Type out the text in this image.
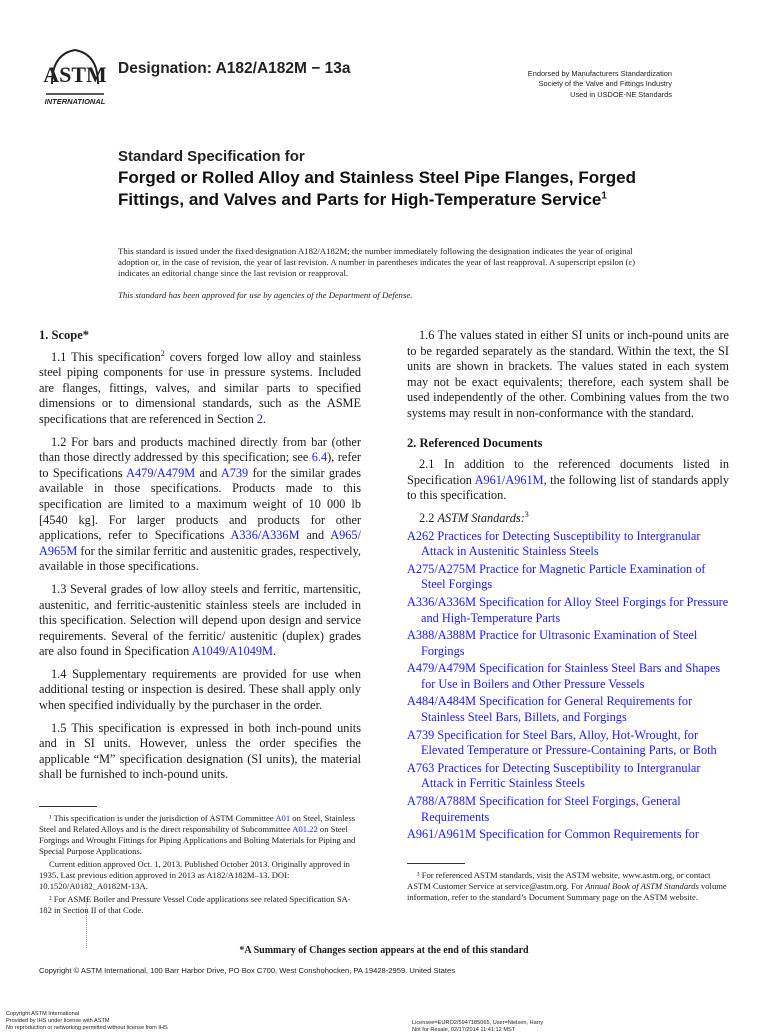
ASTM
INTERNATIONAL
Designation: A182/A182M − 13a	Endorsed by Manufacturers Standardization
Society of the Valve and Fittings Industry
Used in USDOE-NE Standards
Standard Specification for
Forged or Rolled Alloy and Stainless Steel Pipe Flanges, Forged Fittings, and Valves and Parts for High-Temperature Service$^1$
This standard is issued under the fixed designation A182/A182M; the number immediately following the designation indicates the year of original adoption or, in the case of revision, the year of last revision. A number in parentheses indicates the year of last reapproval. A superscript epsilon (ε) indicates an editorial change since the last revision or reapproval.
This standard has been approved for use by agencies of the Department of Defense.
1. Scope*

1.1 This specification$^2$ covers forged low alloy and stainless steel piping components for use in pressure systems. Included are flanges, fittings, valves, and similar parts to specified dimensions or to dimensional standards, such as the ASME specifications that are referenced in Section 2.

1.2 For bars and products machined directly from bar (other than those directly addressed by this specification; see 6.4), refer to Specifications A479/A479M and A739 for the similar grades available in those specifications. Products made to this specification are limited to a maximum weight of 10 000 lb [4540 kg]. For larger products and products for other applications, refer to Specifications A336/A336M and A965/ A965M for the similar ferritic and austenitic grades, respectively, available in those specifications.

1.3 Several grades of low alloy steels and ferritic, martensitic, austenitic, and ferritic-austenitic stainless steels are included in this specification. Selection will depend upon design and service requirements. Several of the ferritic/ austenitic (duplex) grades are also found in Specification A1049/A1049M.

1.4 Supplementary requirements are provided for use when additional testing or inspection is desired. These shall apply only when specified individually by the purchaser in the order.

1.5 This specification is expressed in both inch-pound units and in SI units. However, unless the order specifies the applicable “M” specification designation (SI units), the material shall be furnished to inch-pound units.

1.6 The values stated in either SI units or inch-pound units are to be regarded separately as the standard. Within the text, the SI units are shown in brackets. The values stated in each system may not be exact equivalents; therefore, each system shall be used independently of the other. Combining values from the two systems may result in non-conformance with the standard.

2. Referenced Documents

2.1 In addition to the referenced documents listed in Specification A961/A961M, the following list of standards apply to this specification.

2.2 ASTM Standards:$^3$

A262 Practices for Detecting Susceptibility to Intergranular Attack in Austenitic Stainless Steels
A275/A275M Practice for Magnetic Particle Examination of Steel Forgings
A336/A336M Specification for Alloy Steel Forgings for Pressure and High-Temperature Parts
A388/A388M Practice for Ultrasonic Examination of Steel Forgings
A479/A479M Specification for Stainless Steel Bars and Shapes for Use in Boilers and Other Pressure Vessels
A484/A484M Specification for General Requirements for Stainless Steel Bars, Billets, and Forgings
A739 Specification for Steel Bars, Alloy, Hot-Wrought, for Elevated Temperature or Pressure-Containing Parts, or Both
A763 Practices for Detecting Susceptibility to Intergranular Attack in Ferritic Stainless Steels
A788/A788M Specification for Steel Forgings, General Requirements
A961/A961M Specification for Common Requirements for
¹ This specification is under the jurisdiction of ASTM Committee A01 on Steel, Stainless Steel and Related Alloys and is the direct responsibility of Subcommittee A01.22 on Steel Forgings and Wrought Fittings for Piping Applications and Bolting Materials for Piping and Special Purpose Applications.
Current edition approved Oct. 1, 2013. Published October 2013. Originally approved in 1935. Last previous edition approved in 2013 as A182/A182M–13. DOI: 10.1520/A0182_A0182M-13A.
² For ASME Boiler and Pressure Vessel Code applications see related Specification SA-182 in Section II of that Code.
³ For referenced ASTM standards, visit the ASTM website, www.astm.org, or contact ASTM Customer Service at service@astm.org. For Annual Book of ASTM Standards volume information, refer to the standard’s Document Summary page on the ASTM website.
*A Summary of Changes section appears at the end of this standard
Copyright © ASTM International, 100 Barr Harbor Drive, PO Box C700, West Conshohocken, PA 19428-2959. United States
Copyright ASTM International
Provided by IHS under license with ASTM
No reproduction or networking permitted without license from IHS
Licensee=EURO2/5947185065, User=Nielsen, Harry
Not for Resale, 02/17/2014 11:41:12 MST
